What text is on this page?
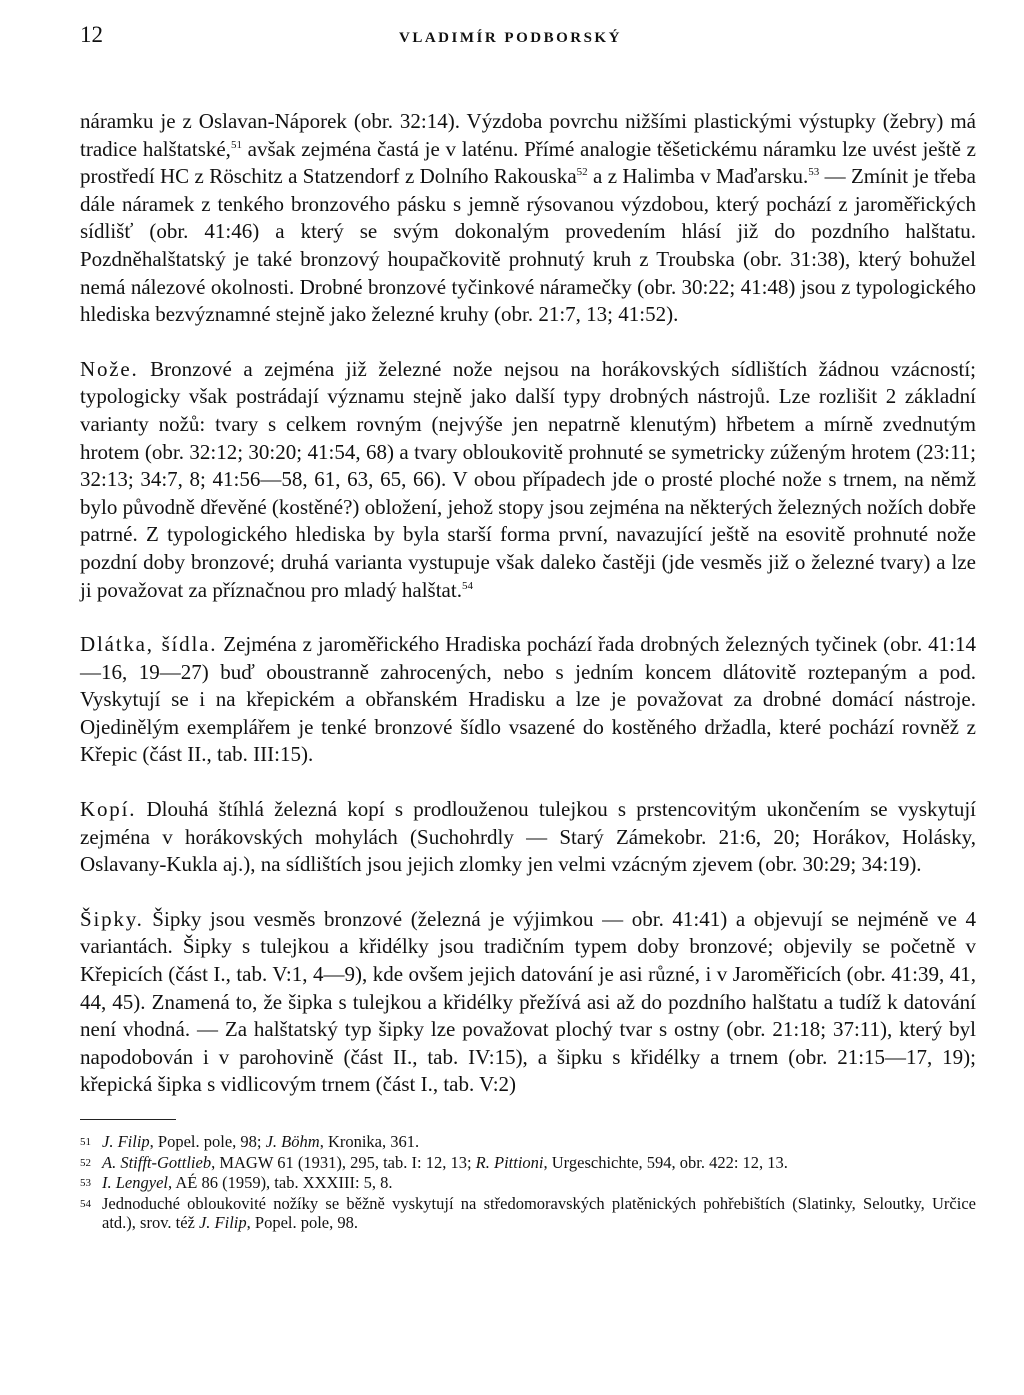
12	VLADIMÍR PODBORSKÝ

náramku je z Oslavan-Náporek (obr. 32:14). Výzdoba povrchu nižšími plastickými výstupky (žebry) má tradice halštatské,$^{51}$ avšak zejména častá je v laténu. Přímé analogie těšetickému náramku lze uvést ještě z prostředí HC z Röschitz a Statzendorf z Dolního Rakouska$^{52}$ a z Halimba v Maďarsku.$^{53}$ — Zmínit je třeba dále náramek z tenkého bronzového pásku s jemně rýsovanou výzdobou, který pochází z jaroměřických sídlišť (obr. 41:46) a který se svým dokonalým provedením hlásí již do pozdního halštatu. Pozdněhalštatský je také bronzový houpačkovitě prohnutý kruh z Troubska (obr. 31:38), který bohužel nemá nálezové okolnosti. Drobné bronzové tyčinkové náramečky (obr. 30:22; 41:48) jsou z typologického hlediska bezvýznamné stejně jako železné kruhy (obr. 21:7, 13; 41:52).

Nože. Bronzové a zejména již železné nože nejsou na horákovských sídlištích žádnou vzácností; typologicky však postrádají významu stejně jako další typy drobných nástrojů. Lze rozlišit 2 základní varianty nožů: tvary s celkem rovným (nejvýše jen nepatrně klenutým) hřbetem a mírně zvednutým hrotem (obr. 32:12; 30:20; 41:54, 68) a tvary obloukovitě prohnuté se symetricky zúženým hrotem (23:11; 32:13; 34:7, 8; 41:56—58, 61, 63, 65, 66). V obou případech jde o prosté ploché nože s trnem, na němž bylo původně dřevěné (kostěné?) obložení, jehož stopy jsou zejména na některých železných nožích dobře patrné. Z typologického hlediska by byla starší forma první, navazující ještě na esovitě prohnuté nože pozdní doby bronzové; druhá varianta vystupuje však daleko častěji (jde vesměs již o železné tvary) a lze ji považovat za příznačnou pro mladý halštat.$^{54}$

Dlátka, šídla. Zejména z jaroměřického Hradiska pochází řada drobných železných tyčinek (obr. 41:14—16, 19—27) buď oboustranně zahrocených, nebo s jedním koncem dlátovitě roztepaným a pod. Vyskytují se i na křepickém a obřanském Hradisku a lze je považovat za drobné domácí nástroje. Ojedinělým exemplářem je tenké bronzové šídlo vsazené do kostěného držadla, které pochází rovněž z Křepic (část II., tab. III:15).

Kopí. Dlouhá štíhlá železná kopí s prodlouženou tulejkou s prstencovitým ukončením se vyskytují zejména v horákovských mohylách (Suchohrdly — Starý Zámekobr. 21:6, 20; Horákov, Holásky, Oslavany-Kukla aj.), na sídlištích jsou jejich zlomky jen velmi vzácným zjevem (obr. 30:29; 34:19).

Šipky. Šipky jsou vesměs bronzové (železná je výjimkou — obr. 41:41) a objevují se nejméně ve 4 variantách. Šipky s tulejkou a křidélky jsou tradičním typem doby bronzové; objevily se početně v Křepicích (část I., tab. V:1, 4—9), kde ovšem jejich datování je asi různé, i v Jaroměřicích (obr. 41:39, 41, 44, 45). Znamená to, že šipka s tulejkou a křidélky přežívá asi až do pozdního halštatu a tudíž k datování není vhodná. — Za halštatský typ šipky lze považovat plochý tvar s ostny (obr. 21:18; 37:11), který byl napodobován i v parohovině (část II., tab. IV:15), a šipku s křidélky a trnem (obr. 21:15—17, 19); křepická šipka s vidlicovým trnem (část I., tab. V:2)

51 J. Filip, Popel. pole, 98; J. Böhm, Kronika, 361.
52 A. Stifft-Gottlieb, MAGW 61 (1931), 295, tab. I: 12, 13; R. Pittioni, Urgeschichte, 594, obr. 422: 12, 13.
53 I. Lengyel, AÉ 86 (1959), tab. XXXIII: 5, 8.
54 Jednoduché obloukovité nožíky se běžně vyskytují na středomoravských platěnických pohřebištích (Slatinky, Seloutky, Určice atd.), srov. též J. Filip, Popel. pole, 98.
